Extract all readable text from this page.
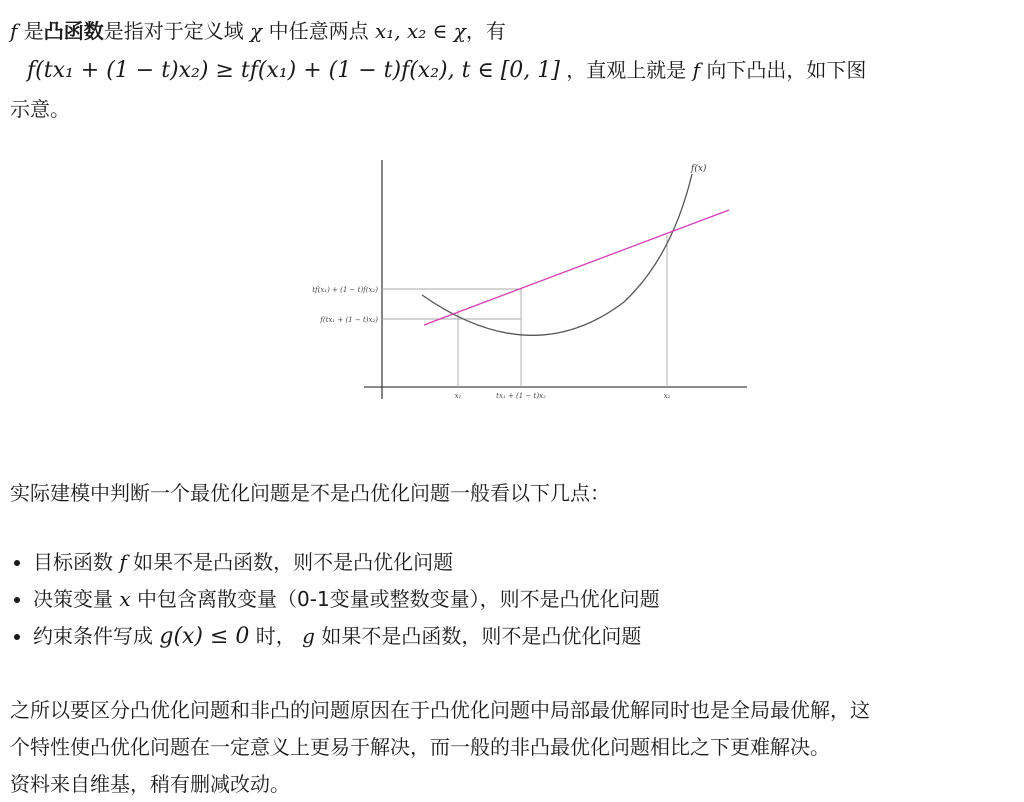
f 是凸函数是指对于定义域 χ 中任意两点 x₁, x₂ ∈ χ，有
f(tx₁ + (1 − t)x₂) ≥ tf(x₁) + (1 − t)f(x₂), t ∈ [0, 1] ，直观上就是 f 向下凸出，如下图
示意。
f(x)
tf(x₁) + (1 − t)f(x₂)
f(tx₁ + (1 − t)x₂)
x₁	tx₁ + (1 − t)x₂	x₂
实际建模中判断一个最优化问题是不是凸优化问题一般看以下几点：
目标函数 f 如果不是凸函数，则不是凸优化问题
决策变量 x 中包含离散变量（0-1变量或整数变量），则不是凸优化问题
约束条件写成 g(x) ≤ 0 时， g 如果不是凸函数，则不是凸优化问题
之所以要区分凸优化问题和非凸的问题原因在于凸优化问题中局部最优解同时也是全局最优解，这
个特性使凸优化问题在一定意义上更易于解决，而一般的非凸最优化问题相比之下更难解决。
资料来自维基，稍有删减改动。
